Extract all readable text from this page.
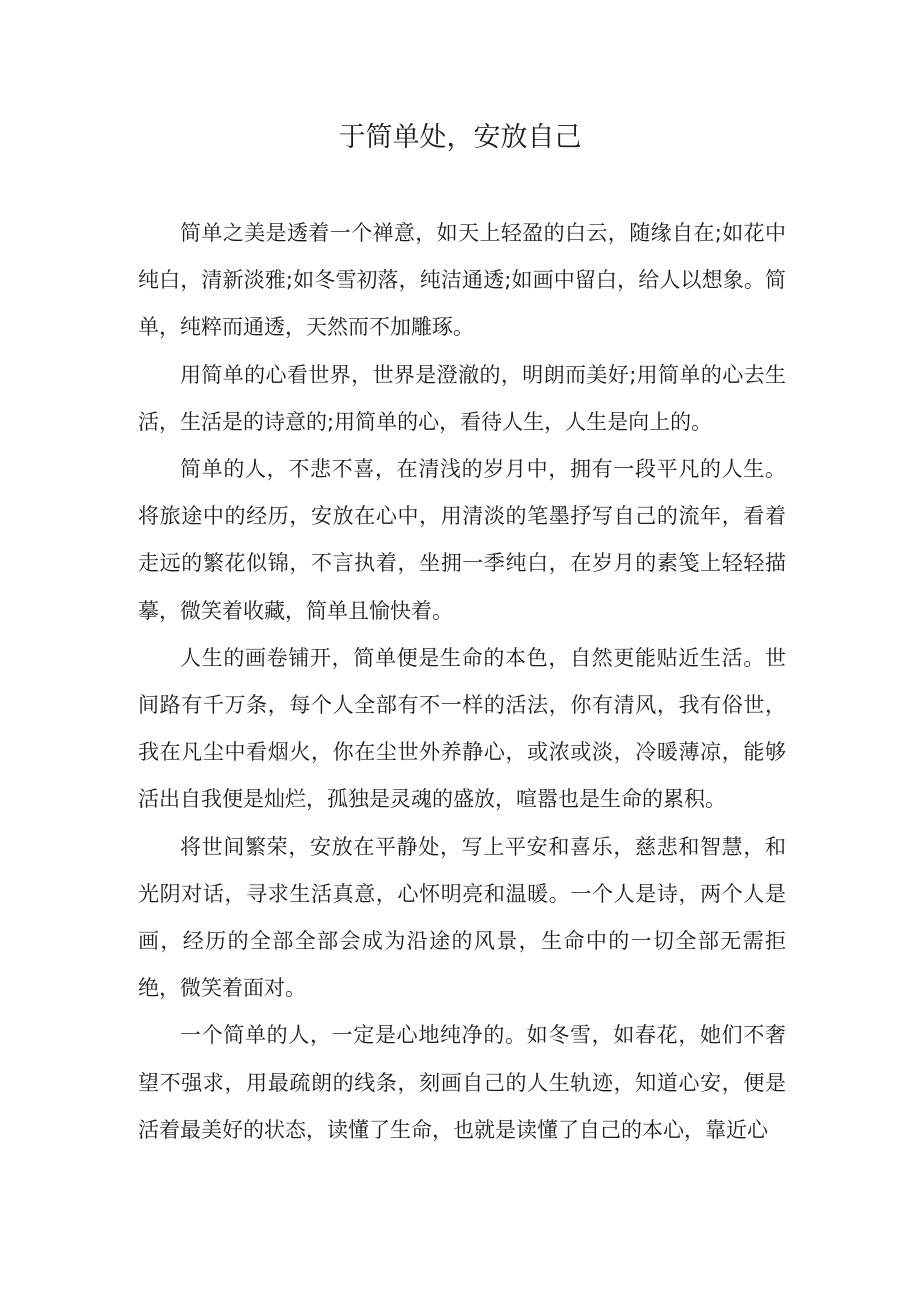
于简单处，安放自己

简单之美是透着一个禅意，如天上轻盈的白云，随缘自在;如花中纯白，清新淡雅;如冬雪初落，纯洁通透;如画中留白，给人以想象。简单，纯粹而通透，天然而不加雕琢。

用简单的心看世界，世界是澄澈的，明朗而美好;用简单的心去生活，生活是的诗意的;用简单的心，看待人生，人生是向上的。

简单的人，不悲不喜，在清浅的岁月中，拥有一段平凡的人生。将旅途中的经历，安放在心中，用清淡的笔墨抒写自己的流年，看着走远的繁花似锦，不言执着，坐拥一季纯白，在岁月的素笺上轻轻描摹，微笑着收藏，简单且愉快着。

人生的画卷铺开，简单便是生命的本色，自然更能贴近生活。世间路有千万条，每个人全部有不一样的活法，你有清风，我有俗世，我在凡尘中看烟火，你在尘世外养静心，或浓或淡，冷暖薄凉，能够活出自我便是灿烂，孤独是灵魂的盛放，喧嚣也是生命的累积。

将世间繁荣，安放在平静处，写上平安和喜乐，慈悲和智慧，和光阴对话，寻求生活真意，心怀明亮和温暖。一个人是诗，两个人是画，经历的全部全部会成为沿途的风景，生命中的一切全部无需拒绝，微笑着面对。

一个简单的人，一定是心地纯净的。如冬雪，如春花，她们不奢望不强求，用最疏朗的线条，刻画自己的人生轨迹，知道心安，便是活着最美好的状态，读懂了生命，也就是读懂了自己的本心，靠近心
